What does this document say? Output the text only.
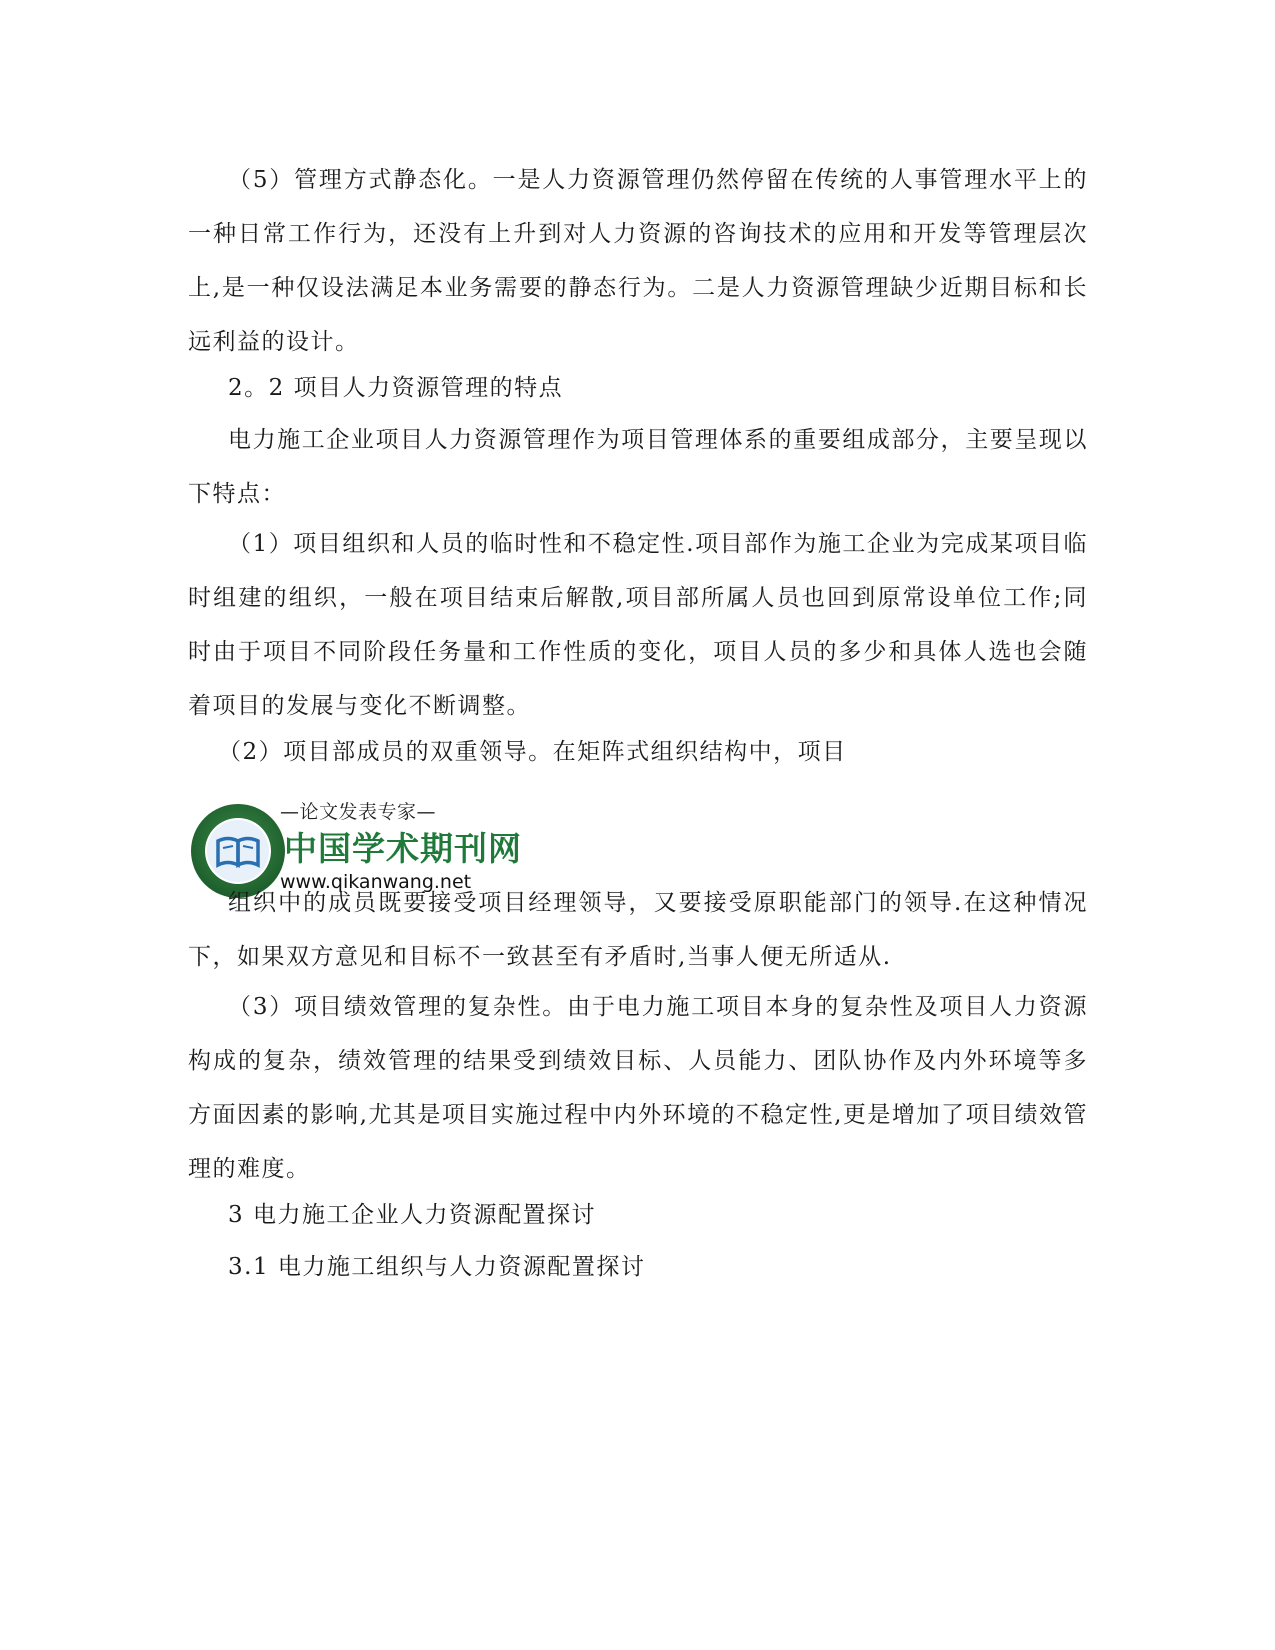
（5）管理方式静态化。一是人力资源管理仍然停留在传统的人事管理水平上的一种日常工作行为，还没有上升到对人力资源的咨询技术的应用和开发等管理层次上,是一种仅设法满足本业务需要的静态行为。二是人力资源管理缺少近期目标和长远利益的设计。

2。2 项目人力资源管理的特点

电力施工企业项目人力资源管理作为项目管理体系的重要组成部分，主要呈现以下特点：

（1）项目组织和人员的临时性和不稳定性.项目部作为施工企业为完成某项目临时组建的组织，一般在项目结束后解散,项目部所属人员也回到原常设单位工作;同时由于项目不同阶段任务量和工作性质的变化，项目人员的多少和具体人选也会随着项目的发展与变化不断调整。

（2）项目部成员的双重领导。在矩阵式组织结构中，项目

—论文发表专家—
中国学术期刊网
www.qikanwang.net

组织中的成员既要接受项目经理领导，又要接受原职能部门的领导.在这种情况下，如果双方意见和目标不一致甚至有矛盾时,当事人便无所适从.

（3）项目绩效管理的复杂性。由于电力施工项目本身的复杂性及项目人力资源构成的复杂，绩效管理的结果受到绩效目标、人员能力、团队协作及内外环境等多方面因素的影响,尤其是项目实施过程中内外环境的不稳定性,更是增加了项目绩效管理的难度。

3 电力施工企业人力资源配置探讨

3.1 电力施工组织与人力资源配置探讨
